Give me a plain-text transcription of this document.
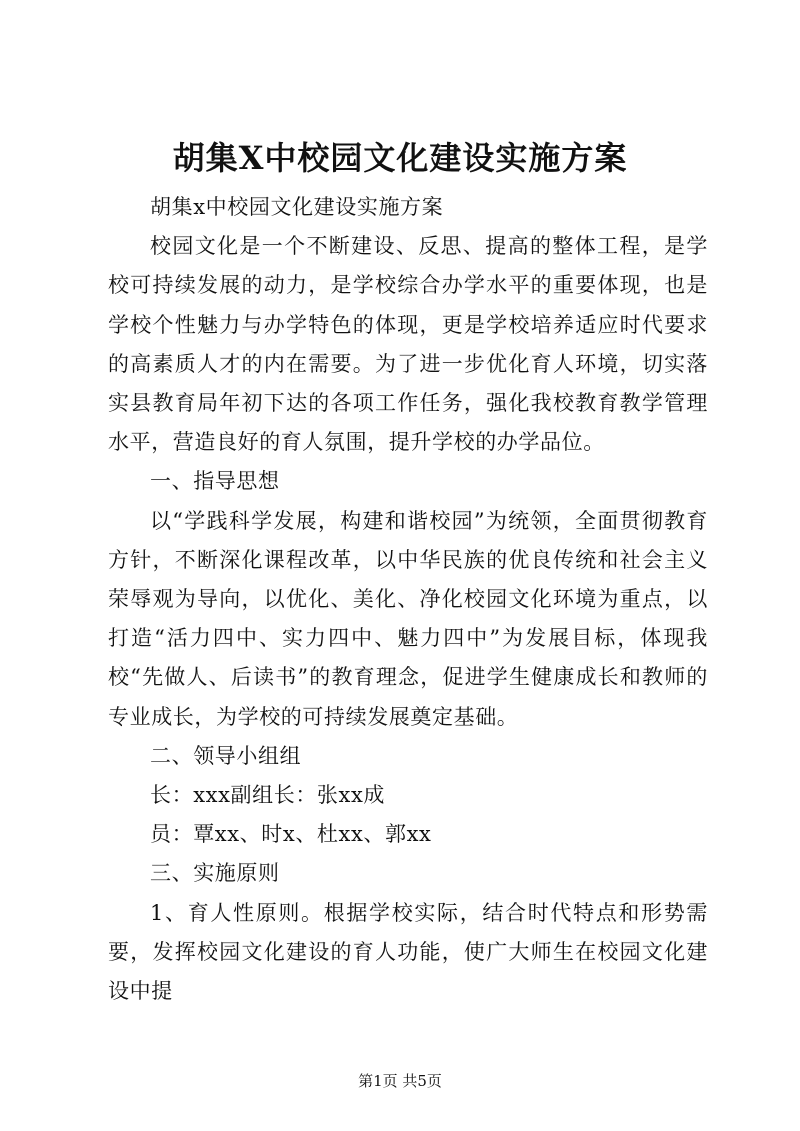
胡集X中校园文化建设实施方案

胡集x中校园文化建设实施方案

校园文化是一个不断建设、反思、提高的整体工程，是学校可持续发展的动力，是学校综合办学水平的重要体现，也是学校个性魅力与办学特色的体现，更是学校培养适应时代要求的高素质人才的内在需要。为了进一步优化育人环境，切实落实县教育局年初下达的各项工作任务，强化我校教育教学管理水平，营造良好的育人氛围，提升学校的办学品位。

一、指导思想

以“学践科学发展，构建和谐校园”为统领，全面贯彻教育方针，不断深化课程改革，以中华民族的优良传统和社会主义荣辱观为导向，以优化、美化、净化校园文化环境为重点，以打造“活力四中、实力四中、魅力四中”为发展目标，体现我校“先做人、后读书”的教育理念，促进学生健康成长和教师的专业成长，为学校的可持续发展奠定基础。

二、领导小组组

长：xxx副组长：张xx成

员：覃xx、时x、杜xx、郭xx

三、实施原则

1、育人性原则。根据学校实际，结合时代特点和形势需要，发挥校园文化建设的育人功能，使广大师生在校园文化建设中提

第1页 共5页
